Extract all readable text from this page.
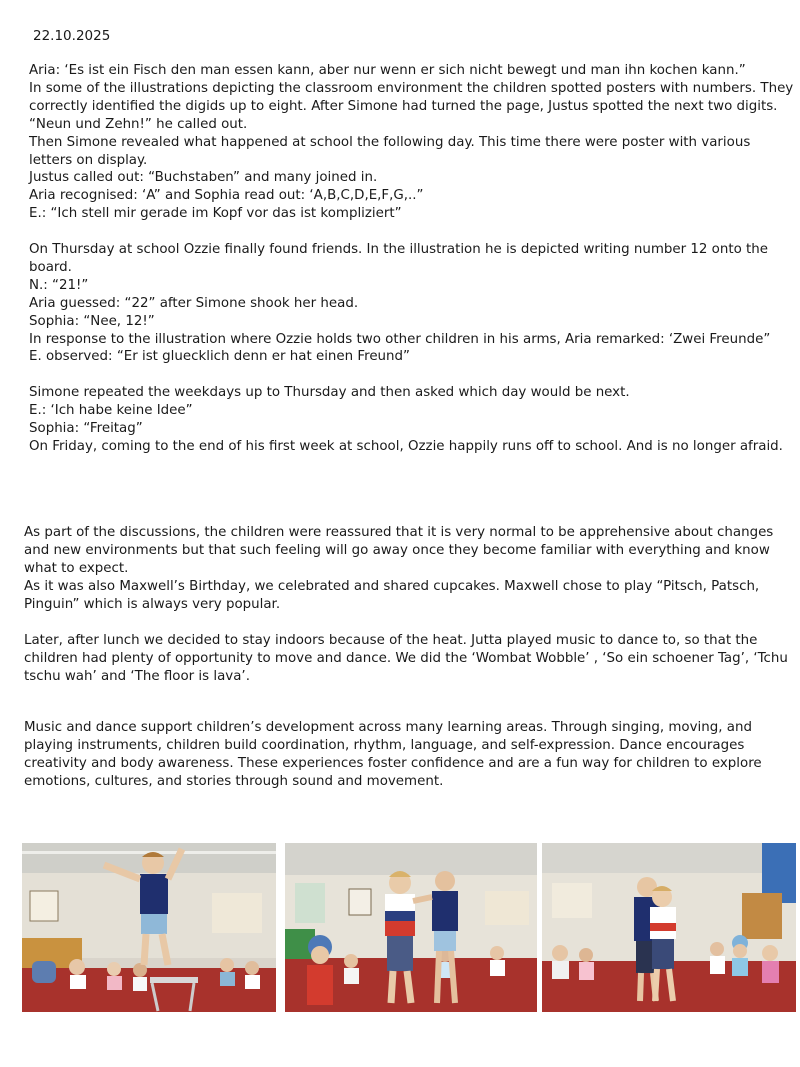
22.10.2025

Aria: ‘Es ist ein Fisch den man essen kann, aber nur wenn er sich nicht bewegt und man ihn kochen kann.”

In some of the illustrations depicting the classroom environment the children spotted posters with numbers. They correctly identified the digids up to eight. After Simone had turned the page, Justus spotted the next two digits. “Neun und Zehn!” he called out.

Then Simone revealed what happened at school the following day. This time there were poster with various letters on display.

Justus called out: “Buchstaben” and many joined in.

Aria recognised: ‘A” and Sophia read out: ‘A,B,C,D,E,F,G,..”

E.: “Ich stell mir gerade im Kopf vor das ist kompliziert”

On Thursday at school Ozzie finally found friends. In the illustration he is depicted writing number 12 onto the board.

N.: “21!”

Aria guessed: “22” after Simone shook her head.

Sophia: “Nee, 12!”

In response to the illustration where Ozzie holds two other children in his arms, Aria remarked: ‘Zwei Freunde”

E. observed: “Er ist gluecklich denn er hat einen Freund”

Simone repeated the weekdays up to Thursday and then asked which day would be next.

E.: ‘Ich habe keine Idee”

Sophia: “Freitag”

On Friday, coming to the end of his first week at school, Ozzie happily runs off to school. And is no longer afraid.

As part of the discussions, the children were reassured that it is very normal to be apprehensive about changes and new environments but that such feeling will go away once they become familiar with everything and know what to expect.

As it was also Maxwell’s Birthday, we celebrated and shared cupcakes. Maxwell chose to play “Pitsch, Patsch, Pinguin” which is always very popular.

Later, after lunch we decided to stay indoors because of the heat. Jutta played music to dance to, so that the children had plenty of opportunity to move and dance. We did the ‘Wombat Wobble’ , ‘So ein schoener Tag’, ‘Tchu tschu wah’ and ‘The floor is lava’.
Music and dance support children’s development across many learning areas. Through singing, moving, and playing instruments, children build coordination, rhythm, language, and self-expression. Dance encourages creativity and body awareness. These experiences foster confidence and are a fun way for children to explore emotions, cultures, and stories through sound and movement.
